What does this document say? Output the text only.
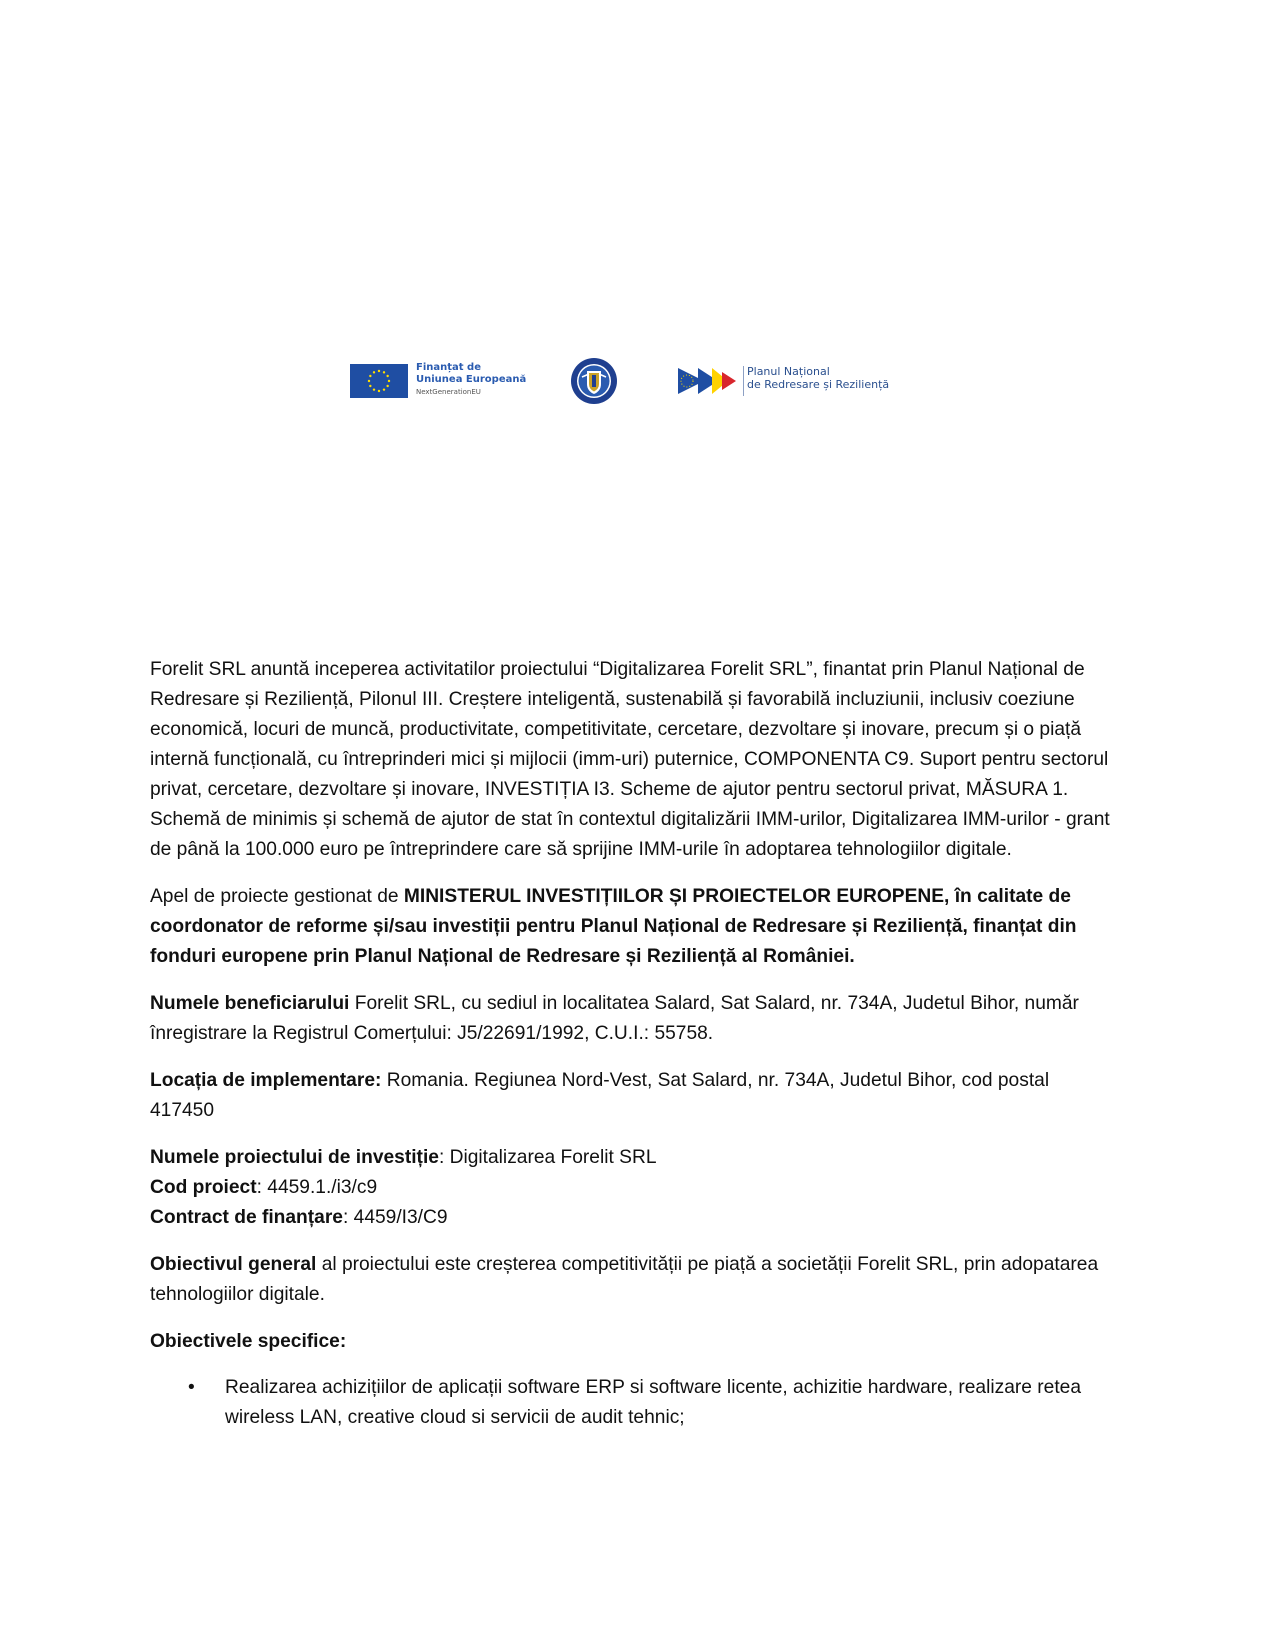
Finanțat de
Uniunea Europeană
NextGenerationEU
Planul Național
de Redresare și Reziliență

Forelit SRL anuntă inceperea activitatilor proiectului “Digitalizarea Forelit SRL”, finantat prin Planul Național de Redresare și Reziliență, Pilonul III. Creștere inteligentă, sustenabilă și favorabilă incluziunii, inclusiv coeziune economică, locuri de muncă, productivitate, competitivitate, cercetare, dezvoltare și inovare, precum și o piață internă funcțională, cu întreprinderi mici și mijlocii (imm-uri) puternice, COMPONENTA C9. Suport pentru sectorul privat, cercetare, dezvoltare și inovare, INVESTIȚIA I3. Scheme de ajutor pentru sectorul privat, MĂSURA 1. Schemă de minimis și schemă de ajutor de stat în contextul digitalizării IMM-urilor, Digitalizarea IMM-urilor - grant de până la 100.000 euro pe întreprindere care să sprijine IMM-urile în adoptarea tehnologiilor digitale.

Apel de proiecte gestionat de MINISTERUL INVESTIȚIILOR ȘI PROIECTELOR EUROPENE, în calitate de coordonator de reforme și/sau investiții pentru Planul Național de Redresare și Reziliență, finanțat din fonduri europene prin Planul Național de Redresare și Reziliență al României.

Numele beneficiarului Forelit SRL, cu sediul in localitatea Salard, Sat Salard, nr. 734A, Judetul Bihor, număr înregistrare la Registrul Comerțului: J5/22691/1992, C.U.I.: 55758.

Locația de implementare: Romania. Regiunea Nord-Vest, Sat Salard, nr. 734A, Judetul Bihor, cod postal 417450

Numele proiectului de investiție: Digitalizarea Forelit SRL
Cod proiect: 4459.1./i3/c9
Contract de finanțare: 4459/I3/C9

Obiectivul general al proiectului este creșterea competitivității pe piață a societății Forelit SRL, prin adopatarea tehnologiilor digitale.

Obiectivele specifice:

• Realizarea achizițiilor de aplicații software ERP si software licente, achizitie hardware, realizare retea wireless LAN, creative cloud si servicii de audit tehnic;
